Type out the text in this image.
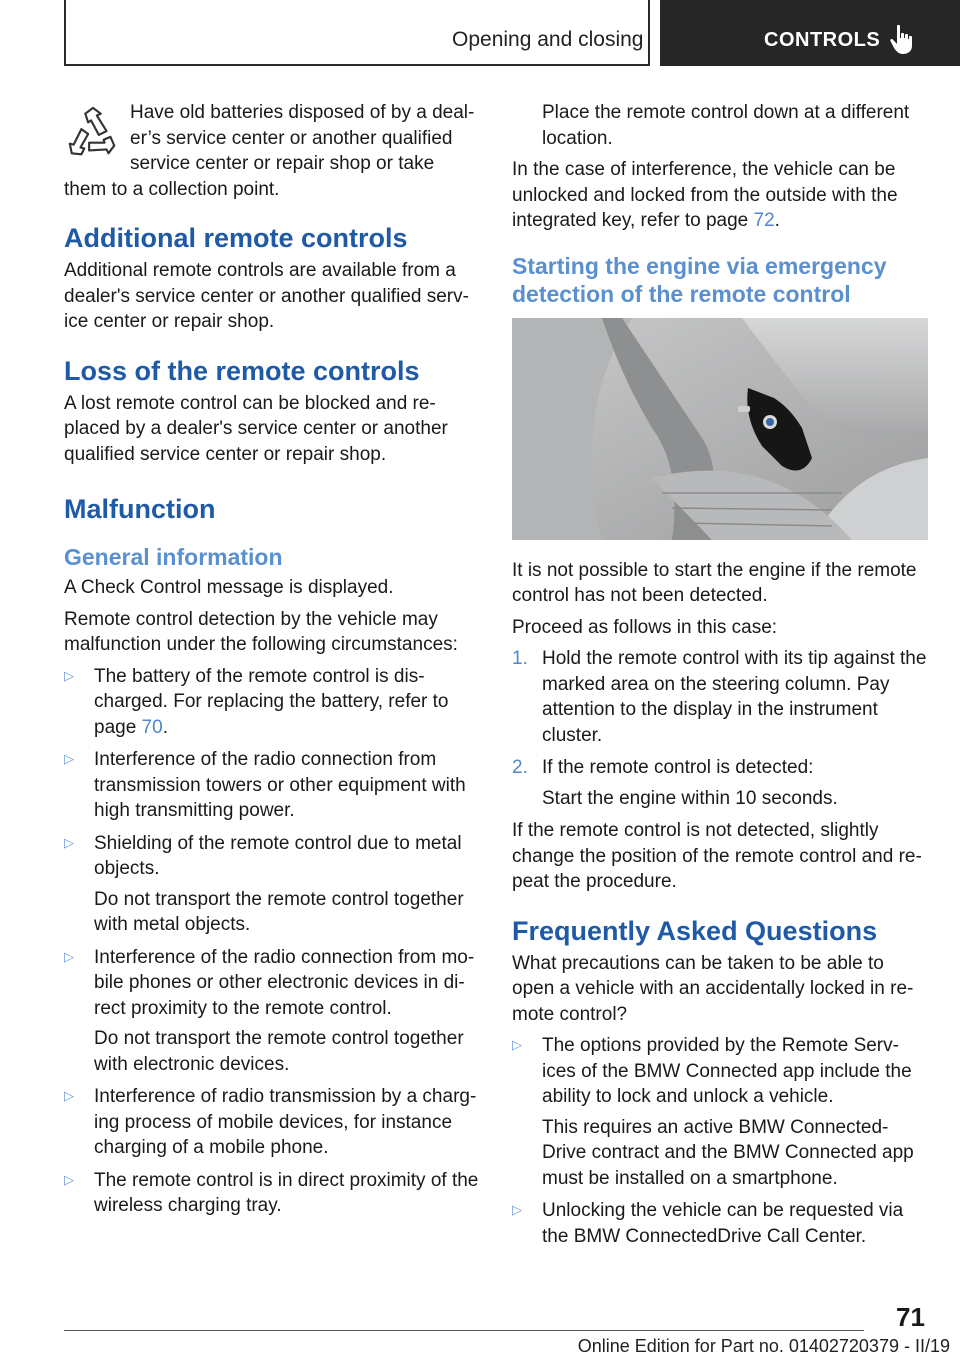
Opening and closing	CONTROLS

Have old batteries disposed of by a deal-er’s service center or another qualified service center or repair shop or take them to a collection point.

Additional remote controls

Additional remote controls are available from a dealer's service center or another qualified serv-ice center or repair shop.

Loss of the remote controls

A lost remote control can be blocked and re-placed by a dealer's service center or another qualified service center or repair shop.

Malfunction
General information

A Check Control message is displayed.

Remote control detection by the vehicle may malfunction under the following circumstances:

▷ The battery of the remote control is dis-charged. For replacing the battery, refer to page 70.
▷ Interference of the radio connection from transmission towers or other equipment with high transmitting power.
▷ Shielding of the remote control due to metal objects.
Do not transport the remote control together with metal objects.
▷ Interference of the radio connection from mo-bile phones or other electronic devices in di-rect proximity to the remote control.
Do not transport the remote control together with electronic devices.
▷ Interference of radio transmission by a charg-ing process of mobile devices, for instance charging of a mobile phone.
▷ The remote control is in direct proximity of the wireless charging tray.

Place the remote control down at a different location.

In the case of interference, the vehicle can be unlocked and locked from the outside with the integrated key, refer to page 72.

Starting the engine via emergency detection of the remote control

It is not possible to start the engine if the remote control has not been detected.

Proceed as follows in this case:

1. Hold the remote control with its tip against the marked area on the steering column. Pay attention to the display in the instrument cluster.
2. If the remote control is detected:
Start the engine within 10 seconds.

If the remote control is not detected, slightly change the position of the remote control and re-peat the procedure.

Frequently Asked Questions

What precautions can be taken to be able to open a vehicle with an accidentally locked in re-mote control?

▷ The options provided by the Remote Serv-ices of the BMW Connected app include the ability to lock and unlock a vehicle.
This requires an active BMW Connected-Drive contract and the BMW Connected app must be installed on a smartphone.
▷ Unlocking the vehicle can be requested via the BMW ConnectedDrive Call Center.
71
Online Edition for Part no. 01402720379 - II/19
